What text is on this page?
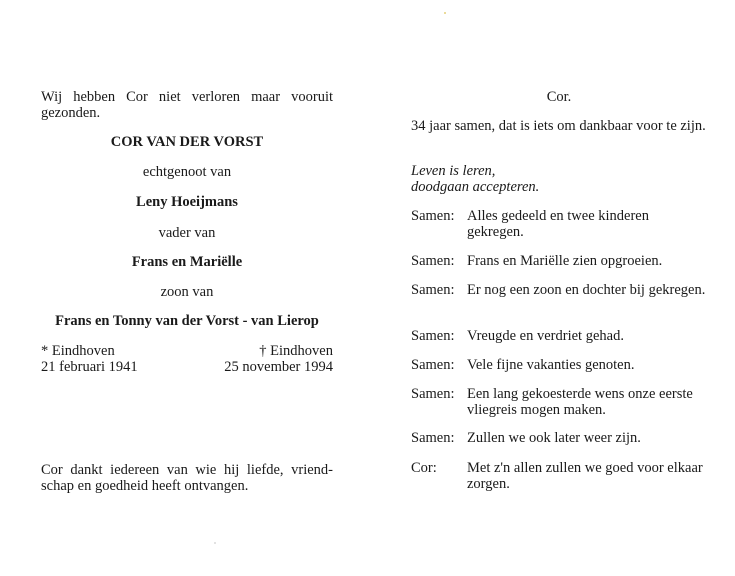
Wij hebben Cor niet verloren maar vooruit gezonden.
COR VAN DER VORST
echtgenoot van
Leny Hoeijmans
vader van
Frans en Mariëlle
zoon van
Frans en Tonny van der Vorst - van Lierop
* Eindhoven
21 februari 1941
† Eindhoven
25 november 1994
Cor dankt iedereen van wie hij liefde, vriend- schap en goedheid heeft ontvangen.
Cor.
34 jaar samen, dat is iets om dankbaar voor te zijn.
Leven is leren,
doodgaan accepteren.
Samen: Alles gedeeld en twee kinderen gekregen.
Samen: Frans en Mariëlle zien opgroeien.
Samen: Er nog een zoon en dochter bij gekregen.
Samen: Vreugde en verdriet gehad.
Samen: Vele fijne vakanties genoten.
Samen: Een lang gekoesterde wens onze eerste vliegreis mogen maken.
Samen: Zullen we ook later weer zijn.
Cor:	Met z'n allen zullen we goed voor elkaar zorgen.
